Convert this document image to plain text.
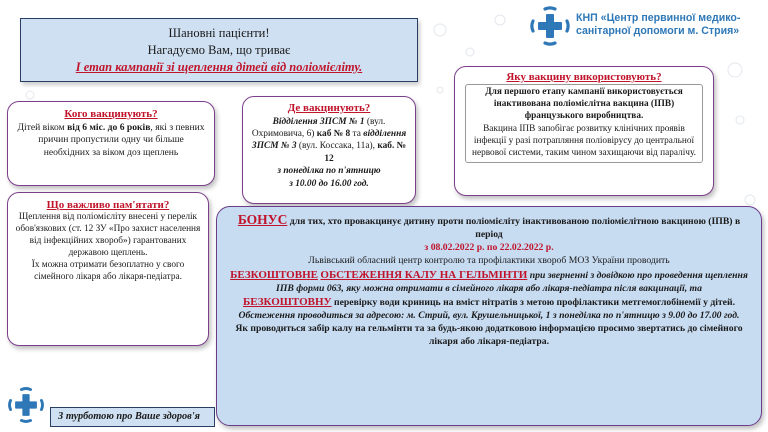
Шановні пацієнти!
Нагадуємо Вам, що триває
І етап кампанії зі щеплення дітей від поліомієліту.
КНП «Центр первинної медико-
санітарної допомоги м. Стрия»
Кого вакцинують?
Дітей віком від 6 міс. до 6 років, які з певних причин пропустили одну чи більше необхідних за віком доз щеплень
Де вакцинують?
Відділення ЗПСМ № 1 (вул. Охримовича, 6) каб № 8 та відділення ЗПСМ № 3 (вул. Коссака, 11а), каб. № 12
з понеділка по п'ятницю
з 10.00 до 16.00 год.
Яку вакцину використовують?
Для першого етапу кампанії використовується інактивована поліомієлітна вакцина (ІПВ) французького виробництва.
Вакцина ІПВ запобігає розвитку клінічних проявів інфекції у разі потрапляння поліовірусу до центральної нервової системи, таким чином захищаючи від паралічу.
Що важливо пам'ятати?
Щеплення від поліомієліту внесені у перелік обов'язкових (ст. 12 ЗУ «Про захист населення від інфекційних хвороб») гарантованих державою щеплень.
Їх можна отримати безоплатно у свого сімейного лікаря або лікаря-педіатра.
БОНУС для тих, хто провакцинує дитину проти поліомієліту інактивованою поліомієлітною вакциною (ІПВ) в період
з 08.02.2022 р. по 22.02.2022 р.
Львівський обласний центр контролю та профілактики хвороб МОЗ України проводить
БЕЗКОШТОВНЕ ОБСТЕЖЕННЯ КАЛУ НА ГЕЛЬМІНТИ при зверненні з довідкою про проведення щеплення ІПВ форми 063, яку можна отримати в сімейного лікаря або лікаря-педіатра після вакцинації, та
БЕЗКОШТОВНУ перевірку води криниць на вміст нітратів з метою профілактики метгемоглобінемії у дітей.
Обстеження проводиться за адресою: м. Стрий, вул. Крушельницької, 1 з понеділка по п'ятницю з 9.00 до 17.00 год.
Як проводиться забір калу на гельмінти та за будь-якою додатковою інформацією просимо звертатись до сімейного лікаря або лікаря-педіатра.
З турботою про Ваше здоров'я
